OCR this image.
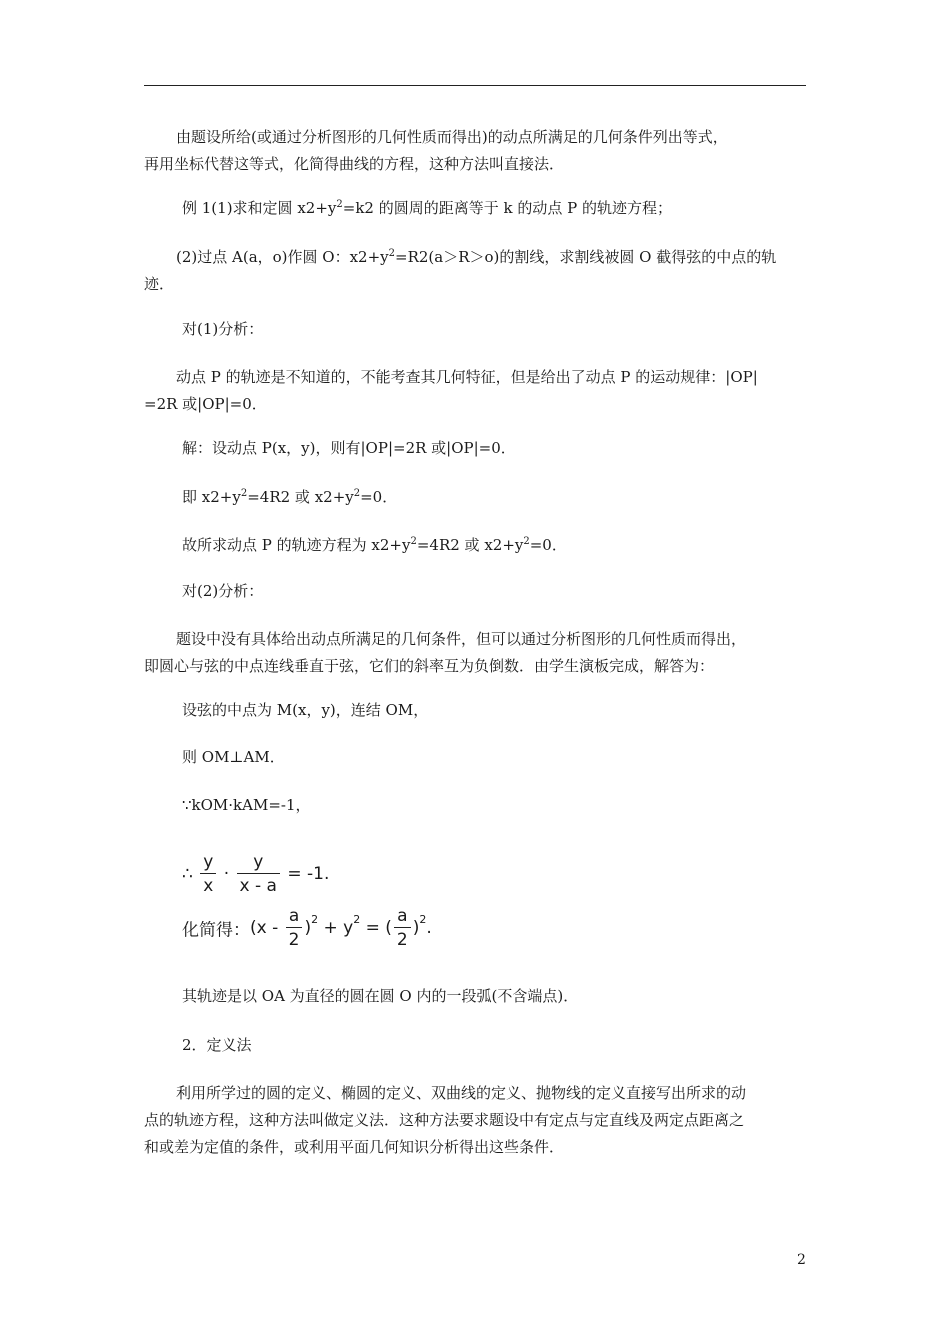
由题设所给(或通过分析图形的几何性质而得出)的动点所满足的几何条件列出等式，
再用坐标代替这等式，化简得曲线的方程，这种方法叫直接法．

例 1(1)求和定圆 $x2+y^2=k2$ 的圆周的距离等于 k 的动点 P 的轨迹方程；

(2)过点 A(a，o)作圆 O：$x2+y^2=R2(a>R>o)$的割线，求割线被圆 O 截得弦的中点的轨
迹．

对(1)分析：

动点 P 的轨迹是不知道的，不能考查其几何特征，但是给出了动点 P 的运动规律：|OP|
=2R 或|OP|=0．

解：设动点 P(x，y)，则有|OP|=2R 或|OP|=0．

即 $x2+y^2=4R2$ 或 $x2+y^2=0$．

故所求动点 P 的轨迹方程为 $x2+y^2=4R2$ 或 $x2+y^2=0$．

对(2)分析：

题设中没有具体给出动点所满足的几何条件，但可以通过分析图形的几何性质而得出，
即圆心与弦的中点连线垂直于弦，它们的斜率互为负倒数．由学生演板完成，解答为：

设弦的中点为 M(x，y)，连结 OM，

则 OM⊥AM．

∵kOM·kAM=-1，

∴ $\frac{y}{x} \cdot \frac{y}{x - a} = -1$.
化简得：$(x - \frac{a}{2} )^2 + y^2$ = ( $\frac{a}{2} )^2$.

其轨迹是以 OA 为直径的圆在圆 O 内的一段弧(不含端点)．

2．定义法

利用所学过的圆的定义、椭圆的定义、双曲线的定义、抛物线的定义直接写出所求的动
点的轨迹方程，这种方法叫做定义法．这种方法要求题设中有定点与定直线及两定点距离之
和或差为定值的条件，或利用平面几何知识分析得出这些条件．

2
